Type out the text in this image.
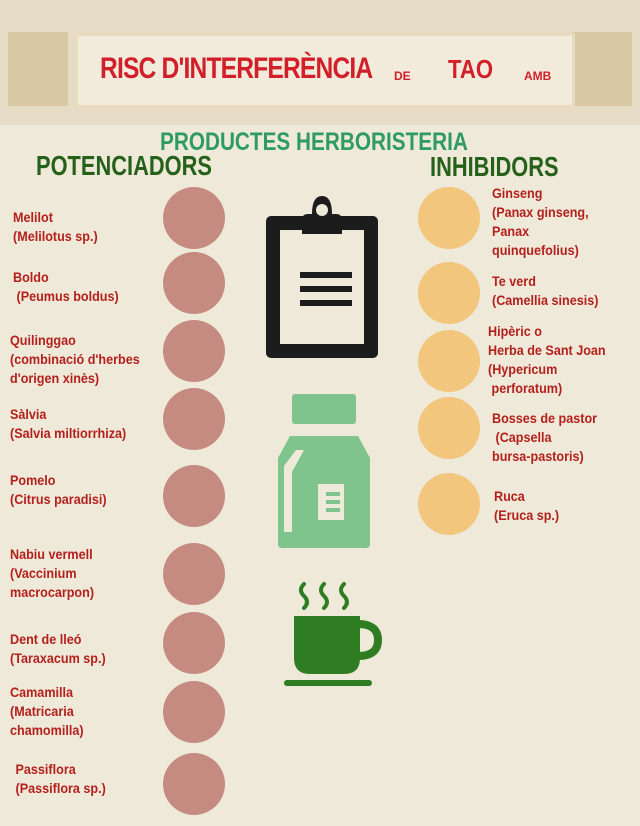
RISC D'INTERFERÈNCIA DE TAO	AMB
PRODUCTES HERBORISTERIA
POTENCIADORS	INHIBIDORS
Melilot
(Melilotus sp.)
Boldo
(Peumus boldus)
Quilinggao
(combinació d'herbes
d'origen xinès)
Sàlvia
(Salvia miltiorrhiza)
Pomelo
(Citrus paradisi)
Nabiu vermell
(Vaccinium
macrocarpon)
Dent de lleó
(Taraxacum sp.)
Camamilla
(Matricaria
chamomilla)
Passiflora
(Passiflora sp.)
Ginseng
(Panax ginseng,
Panax
quinquefolius)
Te verd
(Camellia sinesis)
Hipèric o
Herba de Sant Joan
(Hypericum
perforatum)
Bosses de pastor
(Capsella
bursa-pastoris)
Ruca
(Eruca sp.)
